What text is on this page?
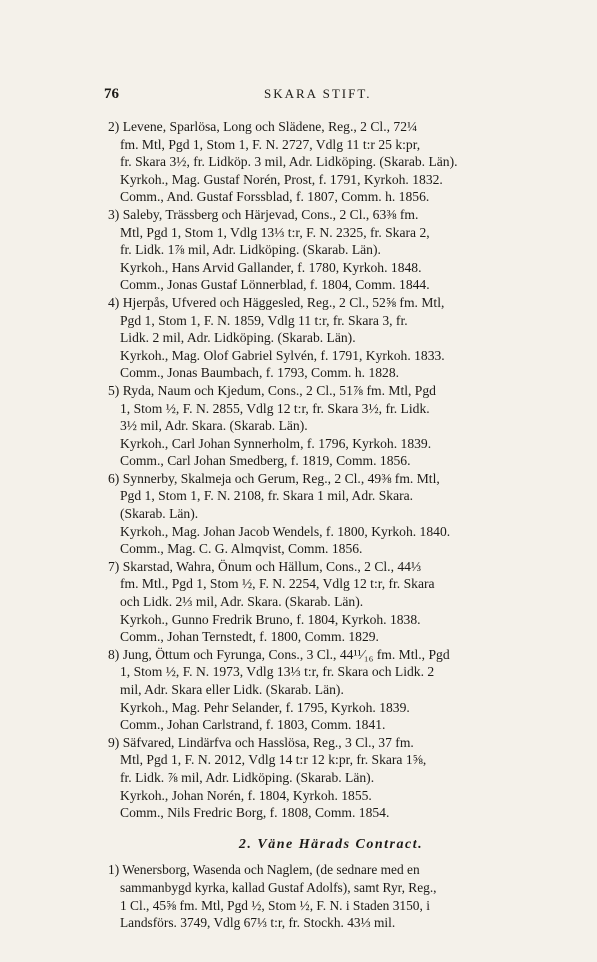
76	SKARA STIFT.
2) Levene, Sparlösa, Long och Slädene, Reg., 2 Cl., 72¼
fm. Mtl, Pgd 1, Stom 1, F. N. 2727, Vdlg 11 t:r 25 k:pr,
fr. Skara 3½, fr. Lidköp. 3 mil, Adr. Lidköping. (Skarab. Län).
Kyrkoh., Mag. Gustaf Norén, Prost, f. 1791, Kyrkoh. 1832.
Comm., And. Gustaf Forssblad, f. 1807, Comm. h. 1856.
3) Saleby, Trässberg och Härjevad, Cons., 2 Cl., 63⅜ fm.
Mtl, Pgd 1, Stom 1, Vdlg 13⅓ t:r, F. N. 2325, fr. Skara 2,
fr. Lidk. 1⅞ mil, Adr. Lidköping. (Skarab. Län).
Kyrkoh., Hans Arvid Gallander, f. 1780, Kyrkoh. 1848.
Comm., Jonas Gustaf Lönnerblad, f. 1804, Comm. 1844.
4) Hjerpås, Ufvered och Häggesled, Reg., 2 Cl., 52⅝ fm. Mtl,
Pgd 1, Stom 1, F. N. 1859, Vdlg 11 t:r, fr. Skara 3, fr.
Lidk. 2 mil, Adr. Lidköping. (Skarab. Län).
Kyrkoh., Mag. Olof Gabriel Sylvén, f. 1791, Kyrkoh. 1833.
Comm., Jonas Baumbach, f. 1793, Comm. h. 1828.
5) Ryda, Naum och Kjedum, Cons., 2 Cl., 51⅞ fm. Mtl, Pgd
1, Stom ½, F. N. 2855, Vdlg 12 t:r, fr. Skara 3½, fr. Lidk.
3½ mil, Adr. Skara. (Skarab. Län).
Kyrkoh., Carl Johan Synnerholm, f. 1796, Kyrkoh. 1839.
Comm., Carl Johan Smedberg, f. 1819, Comm. 1856.
6) Synnerby, Skalmeja och Gerum, Reg., 2 Cl., 49⅜ fm. Mtl,
Pgd 1, Stom 1, F. N. 2108, fr. Skara 1 mil, Adr. Skara.
(Skarab. Län).
Kyrkoh., Mag. Johan Jacob Wendels, f. 1800, Kyrkoh. 1840.
Comm., Mag. C. G. Almqvist, Comm. 1856.
7) Skarstad, Wahra, Önum och Hällum, Cons., 2 Cl., 44⅓
fm. Mtl., Pgd 1, Stom ½, F. N. 2254, Vdlg 12 t:r, fr. Skara
och Lidk. 2⅓ mil, Adr. Skara. (Skarab. Län).
Kyrkoh., Gunno Fredrik Bruno, f. 1804, Kyrkoh. 1838.
Comm., Johan Ternstedt, f. 1800, Comm. 1829.
8) Jung, Öttum och Fyrunga, Cons., 3 Cl., 44¹¹⁄₁₆ fm. Mtl., Pgd
1, Stom ½, F. N. 1973, Vdlg 13⅓ t:r, fr. Skara och Lidk. 2
mil, Adr. Skara eller Lidk. (Skarab. Län).
Kyrkoh., Mag. Pehr Selander, f. 1795, Kyrkoh. 1839.
Comm., Johan Carlstrand, f. 1803, Comm. 1841.
9) Säfvared, Lindärfva och Hasslösa, Reg., 3 Cl., 37 fm.
Mtl, Pgd 1, F. N. 2012, Vdlg 14 t:r 12 k:pr, fr. Skara 1⅝,
fr. Lidk. ⅞ mil, Adr. Lidköping. (Skarab. Län).
Kyrkoh., Johan Norén, f. 1804, Kyrkoh. 1855.
Comm., Nils Fredric Borg, f. 1808, Comm. 1854.
2. Väne Härads Contract.
1) Wenersborg, Wasenda och Naglem, (de sednare med en
sammanbygd kyrka, kallad Gustaf Adolfs), samt Ryr, Reg.,
1 Cl., 45⅝ fm. Mtl, Pgd ½, Stom ½, F. N. i Staden 3150, i
Landsförs. 3749, Vdlg 67⅓ t:r, fr. Stockh. 43⅓ mil.
